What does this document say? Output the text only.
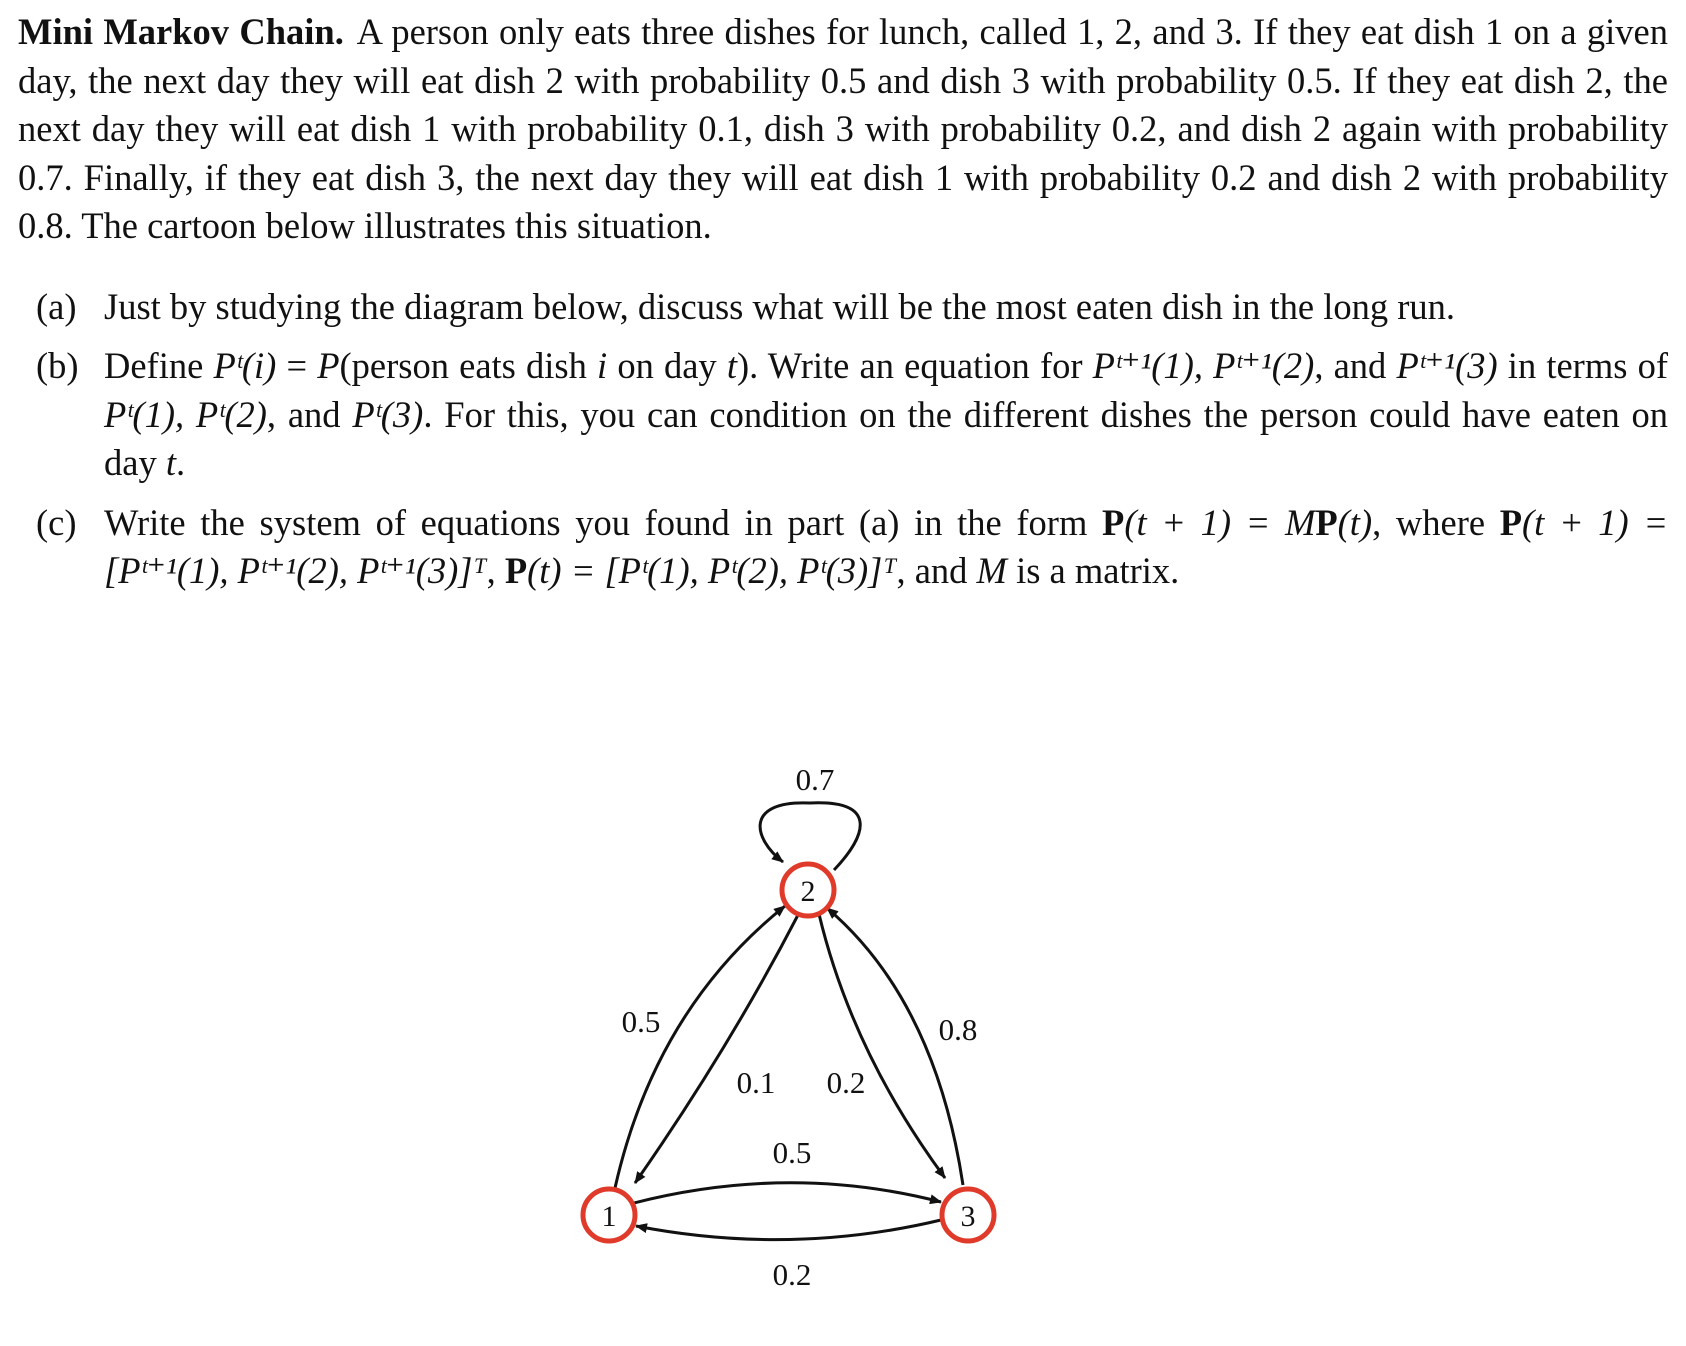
Mini Markov Chain. A person only eats three dishes for lunch, called 1, 2, and 3. If they eat dish 1 on a given day, the next day they will eat dish 2 with probability 0.5 and dish 3 with probability 0.5. If they eat dish 2, the next day they will eat dish 1 with probability 0.1, dish 3 with probability 0.2, and dish 2 again with probability 0.7. Finally, if they eat dish 3, the next day they will eat dish 1 with probability 0.2 and dish 2 with probability 0.8. The cartoon below illustrates this situation.

(a) Just by studying the diagram below, discuss what will be the most eaten dish in the long run.

(b) Define Pᵗ(i) = P(person eats dish i on day t). Write an equation for Pᵗ⁺¹(1), Pᵗ⁺¹(2), and Pᵗ⁺¹(3) in terms of Pᵗ(1), Pᵗ(2), and Pᵗ(3). For this, you can condition on the different dishes the person could have eaten on day t.

(c) Write the system of equations you found in part (a) in the form P(t + 1) = MP(t), where P(t + 1) = [Pᵗ⁺¹(1), Pᵗ⁺¹(2), Pᵗ⁺¹(3)]ᵀ, P(t) = [Pᵗ(1), Pᵗ(2), Pᵗ(3)]ᵀ, and M is a matrix.

2
1	3
0.7
0.5
0.1 0.2
0.8
0.5
0.2
